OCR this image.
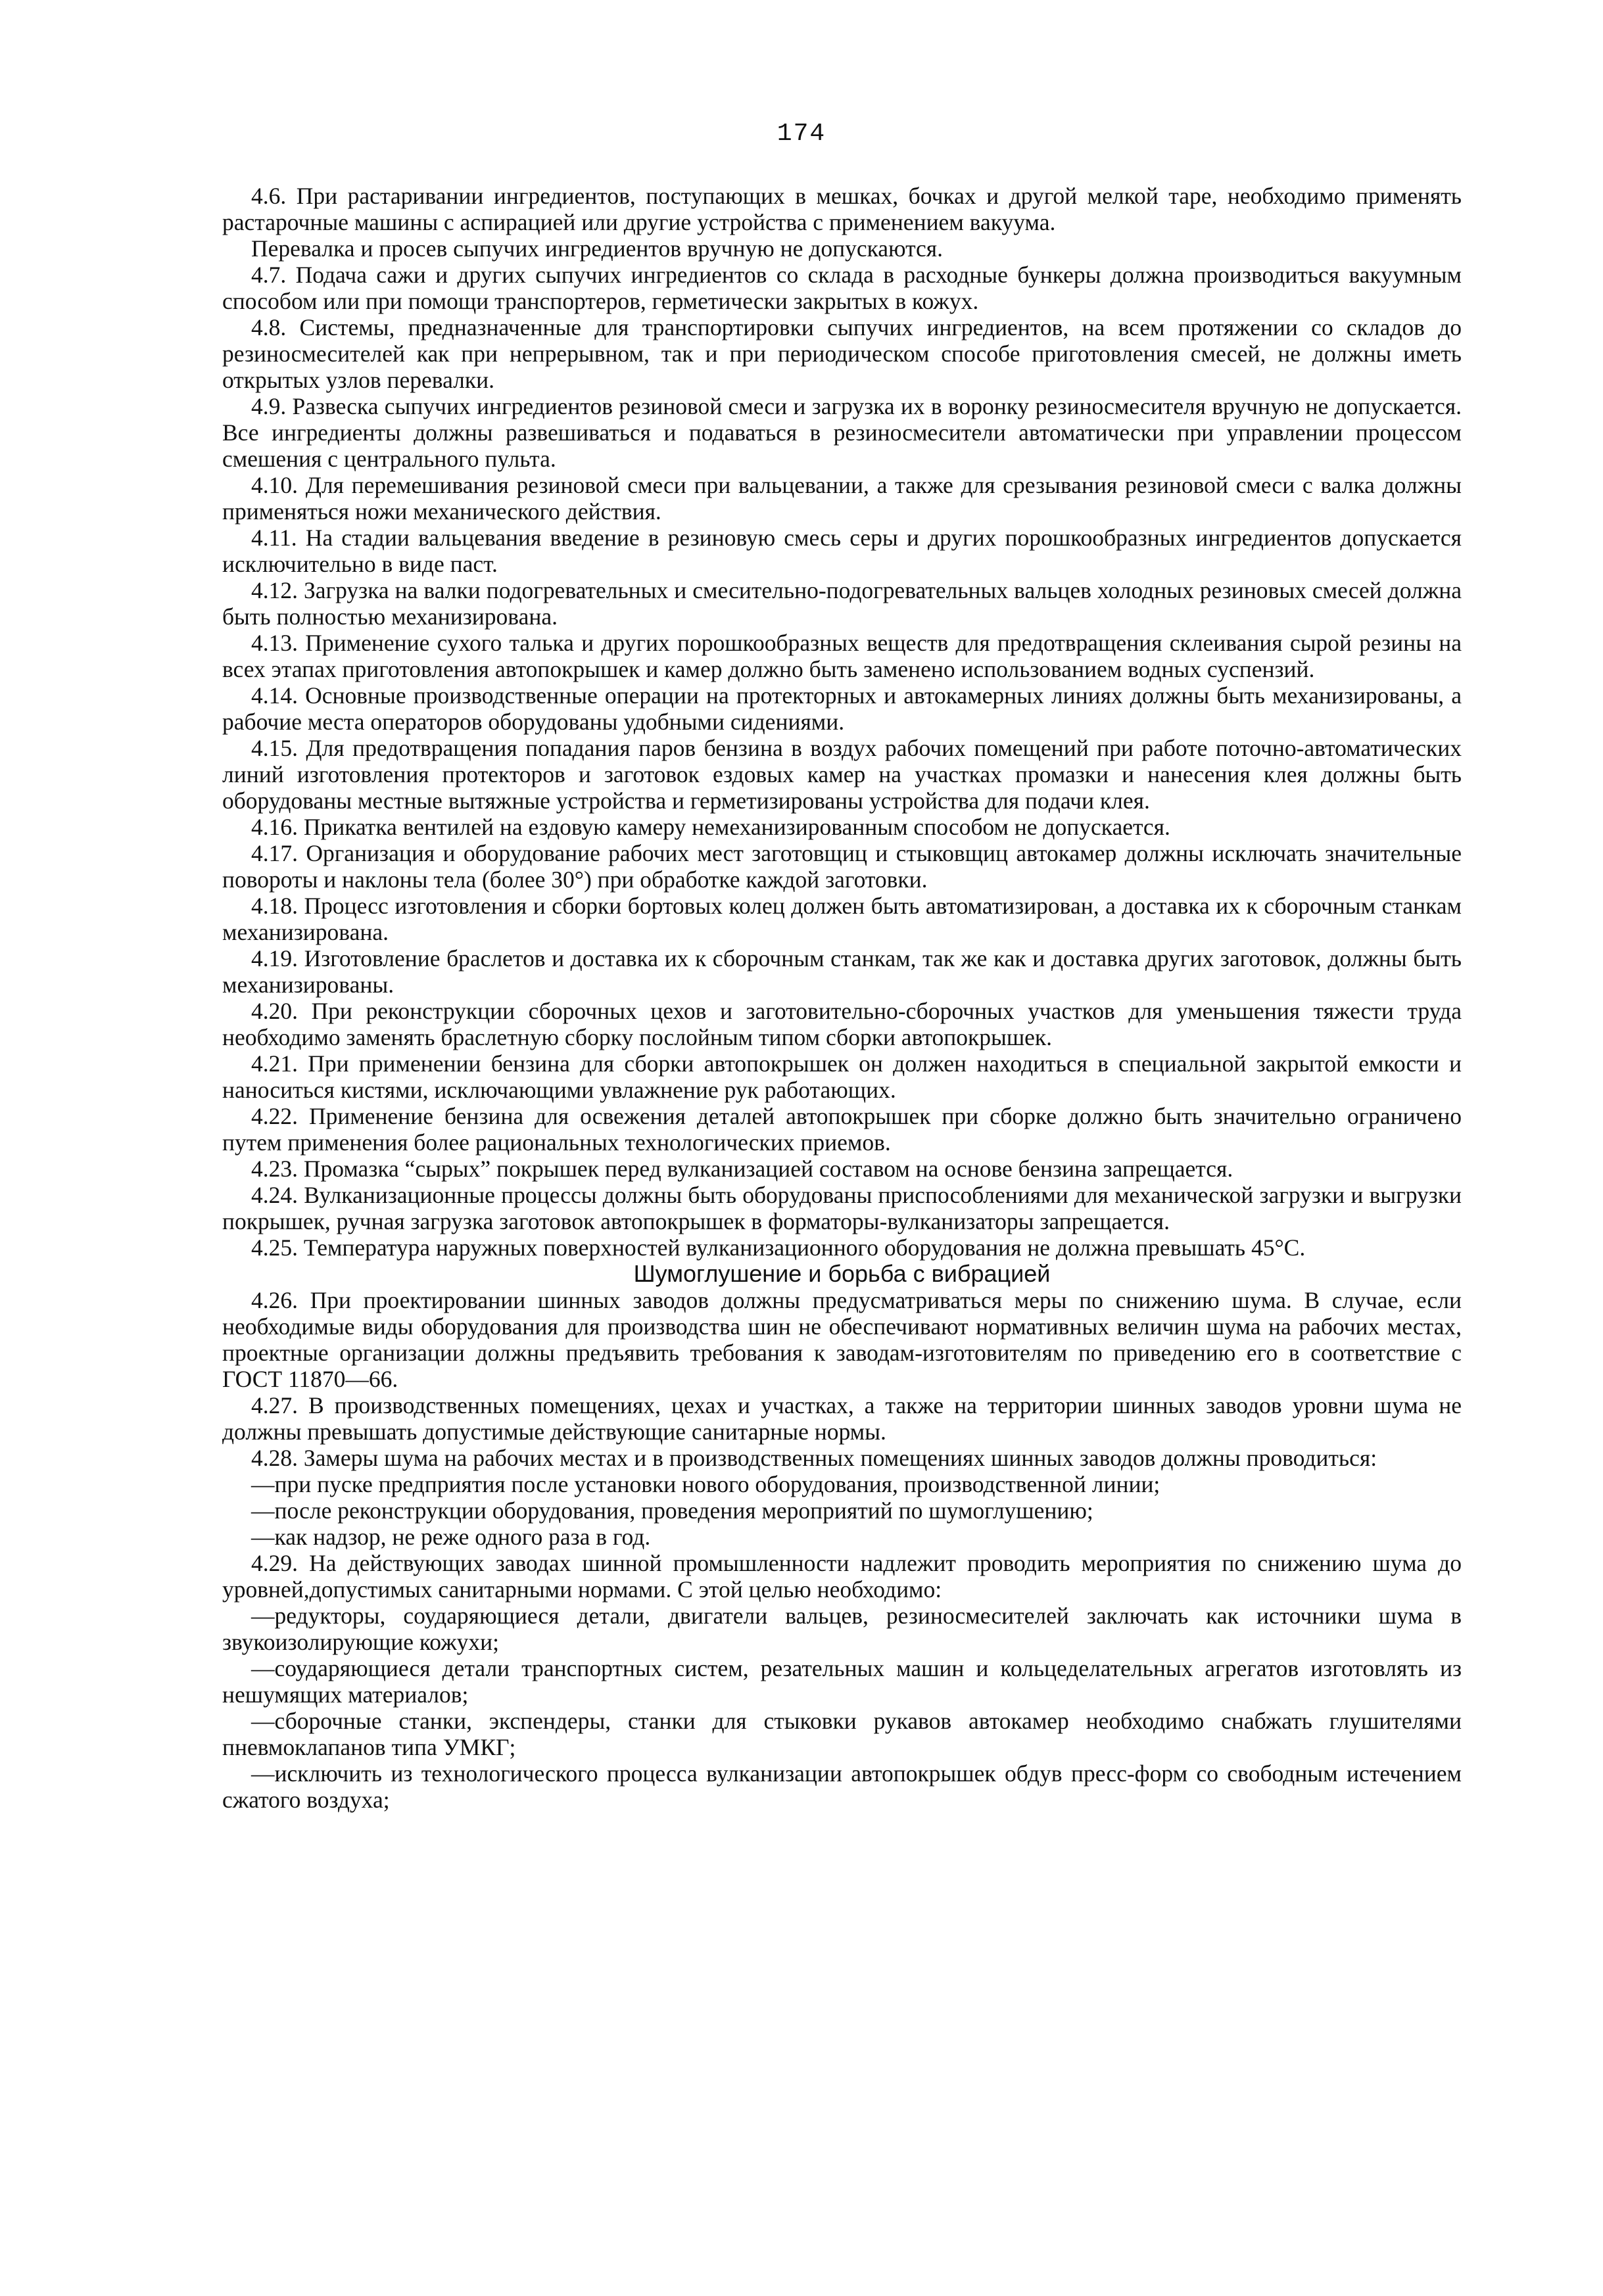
174

4.6. При растаривании ингредиентов, поступающих в мешках, бочках и другой мелкой таре, необходимо применять растарочные машины с аспирацией или другие устройства с применением вакуума.

Перевалка и просев сыпучих ингредиентов вручную не допускаются.

4.7. Подача сажи и других сыпучих ингредиентов со склада в расходные бункеры должна производиться вакуумным способом или при помощи транспортеров, герметически закрытых в кожух.

4.8. Системы, предназначенные для транспортировки сыпучих ингредиентов, на всем протяжении со складов до резиносмесителей как при непрерывном, так и при периодическом способе приготовления смесей, не должны иметь открытых узлов перевалки.

4.9. Развеска сыпучих ингредиентов резиновой смеси и загрузка их в воронку резиносмесителя вручную не допускается. Все ингредиенты должны развешиваться и подаваться в резиносмесители автоматически при управлении процессом смешения с центрального пульта.

4.10. Для перемешивания резиновой смеси при вальцевании, а также для срезывания резиновой смеси с валка должны применяться ножи механического действия.

4.11. На стадии вальцевания введение в резиновую смесь серы и других порошкообразных ингредиентов допускается исключительно в виде паст.

4.12. Загрузка на валки подогревательных и смесительно-подогревательных вальцев холодных резиновых смесей должна быть полностью механизирована.

4.13. Применение сухого талька и других порошкообразных веществ для предотвращения склеивания сырой резины на всех этапах приготовления автопокрышек и камер должно быть заменено использованием водных суспензий.

4.14. Основные производственные операции на протекторных и автокамерных линиях должны быть механизированы, а рабочие места операторов оборудованы удобными сидениями.

4.15. Для предотвращения попадания паров бензина в воздух рабочих помещений при работе поточно-автоматических линий изготовления протекторов и заготовок ездовых камер на участках промазки и нанесения клея должны быть оборудованы местные вытяжные устройства и герметизированы устройства для подачи клея.

4.16. Прикатка вентилей на ездовую камеру немеханизированным способом не допускается.

4.17. Организация и оборудование рабочих мест заготовщиц и стыковщиц автокамер должны исключать значительные повороты и наклоны тела (более 30°) при обработке каждой заготовки.

4.18. Процесс изготовления и сборки бортовых колец должен быть автоматизирован, а доставка их к сборочным станкам механизирована.

4.19. Изготовление браслетов и доставка их к сборочным станкам, так же как и доставка других заготовок, должны быть механизированы.

4.20. При реконструкции сборочных цехов и заготовительно-сборочных участков для уменьшения тяжести труда необходимо заменять браслетную сборку послойным типом сборки автопокрышек.

4.21. При применении бензина для сборки автопокрышек он должен находиться в специальной закрытой емкости и наноситься кистями, исключающими увлажнение рук работающих.

4.22. Применение бензина для освежения деталей автопокрышек при сборке должно быть значительно ограничено путем применения более рациональных технологических приемов.

4.23. Промазка “сырых” покрышек перед вулканизацией составом на основе бензина запрещается.

4.24. Вулканизационные процессы должны быть оборудованы приспособлениями для механической загрузки и выгрузки покрышек, ручная загрузка заготовок автопокрышек в форматоры-вулканизаторы запрещается.

4.25. Температура наружных поверхностей вулканизационного оборудования не должна превышать 45°C.

Шумоглушение и борьба с вибрацией

4.26. При проектировании шинных заводов должны предусматриваться меры по снижению шума. В случае, если необходимые виды оборудования для производства шин не обеспечивают нормативных величин шума на рабочих местах, проектные организации должны предъявить требования к заводам-изготовителям по приведению его в соответствие с ГОСТ 11870—66.

4.27. В производственных помещениях, цехах и участках, а также на территории шинных заводов уровни шума не должны превышать допустимые действующие санитарные нормы.

4.28. Замеры шума на рабочих местах и в производственных помещениях шинных заводов должны проводиться:

—при пуске предприятия после установки нового оборудования, производственной линии;

—после реконструкции оборудования, проведения мероприятий по шумоглушению;

—как надзор, не реже одного раза в год.

4.29. На действующих заводах шинной промышленности надлежит проводить мероприятия по снижению шума до уровней,допустимых санитарными нормами. С этой целью необходимо:

—редукторы, соударяющиеся детали, двигатели вальцев, резиносмесителей заключать как источники шума в звукоизолирующие кожухи;

—соударяющиеся детали транспортных систем, резательных машин и кольцеделательных агрегатов изготовлять из нешумящих материалов;

—сборочные станки, экспендеры, станки для стыковки рукавов автокамер необходимо снабжать глушителями пневмоклапанов типа УМКГ;

—исключить из технологического процесса вулканизации автопокрышек обдув пресс-форм со свободным истечением сжатого воздуха;
